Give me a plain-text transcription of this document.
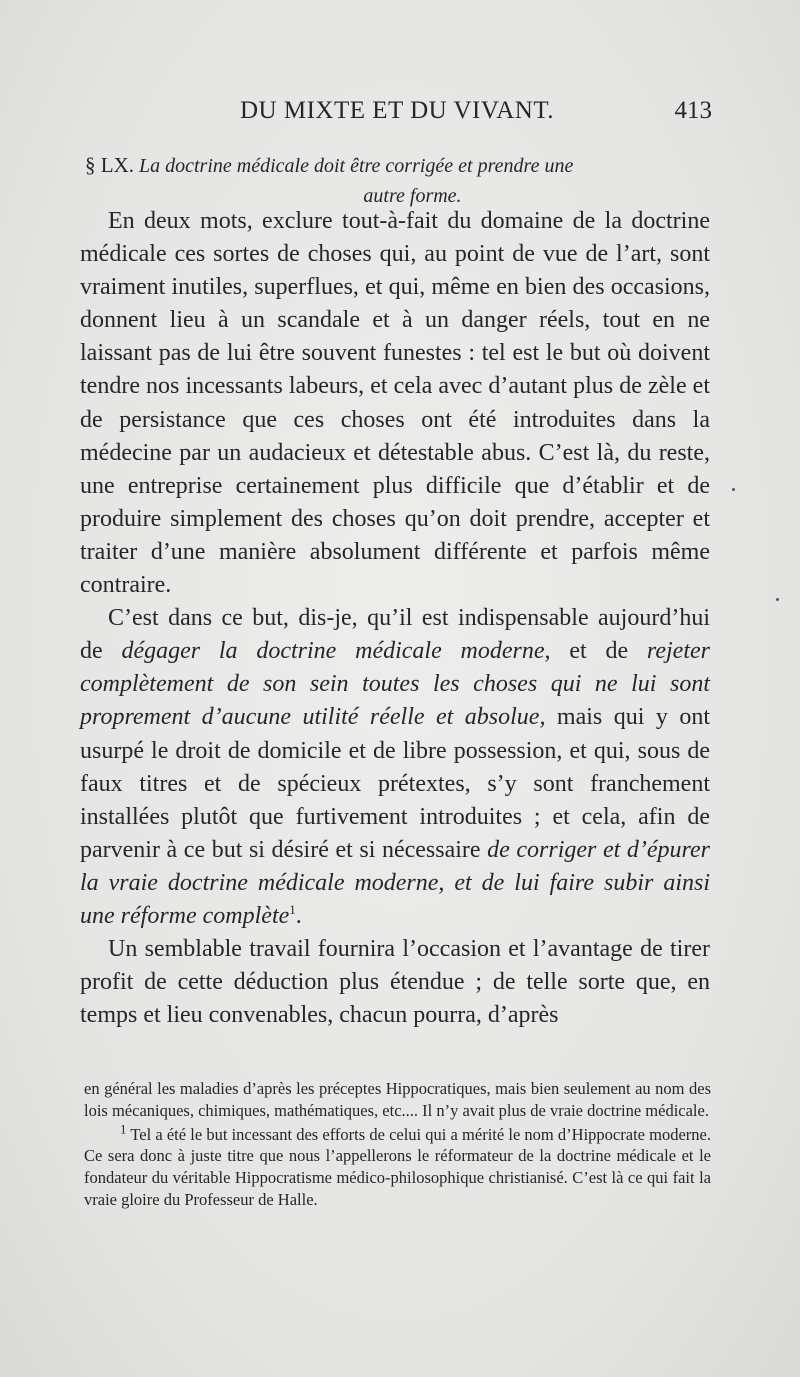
DU MIXTE ET DU VIVANT.	413
§ LX. La doctrine médicale doit être corrigée et prendre une
autre forme.

En deux mots, exclure tout-à-fait du domaine de la doctrine médicale ces sortes de choses qui, au point de vue de l’art, sont vraiment inutiles, superflues, et qui, même en bien des occasions, donnent lieu à un scandale et à un danger réels, tout en ne laissant pas de lui être souvent funestes : tel est le but où doivent tendre nos incessants labeurs, et cela avec d’autant plus de zèle et de persistance que ces choses ont été introduites dans la médecine par un audacieux et détestable abus. C’est là, du reste, une entreprise certainement plus difficile que d’établir et de produire simplement des choses qu’on doit prendre, accepter et traiter d’une manière absolument différente et parfois même contraire.

C’est dans ce but, dis-je, qu’il est indispensable aujourd’hui de dégager la doctrine médicale moderne, et de rejeter complètement de son sein toutes les choses qui ne lui sont proprement d’aucune utilité réelle et absolue, mais qui y ont usurpé le droit de domicile et de libre possession, et qui, sous de faux titres et de spécieux prétextes, s’y sont franchement installées plutôt que furtivement introduites ; et cela, afin de parvenir à ce but si désiré et si nécessaire de corriger et d’épurer la vraie doctrine médicale moderne, et de lui faire subir ainsi une réforme complète$^1$.

Un semblable travail fournira l’occasion et l’avantage de tirer profit de cette déduction plus étendue ; de telle sorte que, en temps et lieu convenables, chacun pourra, d’après

en général les maladies d’après les préceptes Hippocratiques, mais bien seulement au nom des lois mécaniques, chimiques, mathématiques, etc.... Il n’y avait plus de vraie doctrine médicale.

$^1$ Tel a été le but incessant des efforts de celui qui a mérité le nom d’Hippocrate moderne. Ce sera donc à juste titre que nous l’appellerons le réformateur de la doctrine médicale et le fondateur du véritable Hippocratisme médico-philosophique christianisé. C’est là ce qui fait la vraie gloire du Professeur de Halle.
